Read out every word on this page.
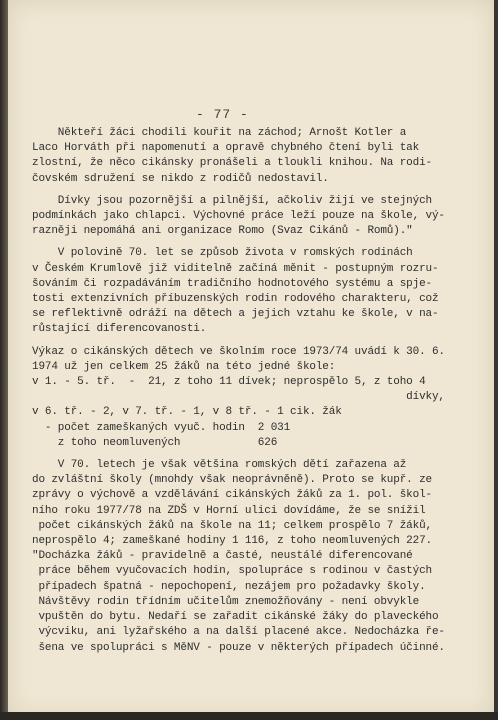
- 77 -
Někteří žáci chodili kouřit na záchod; Arnošt Kotler a
Laco Horváth při napomenutí a opravě chybného čtení byli tak
zlostní, že něco cikánsky pronášeli a tloukli knihou. Na rodi-
čovském sdružení se nikdo z rodičů nedostavil.
Dívky jsou pozornější a pilnější, ačkoliv žijí ve stejných
podmínkách jako chlapci. Výchovné práce leží pouze na škole, vý-
razněji nepomáhá ani organizace Romo (Svaz Cikánů - Romů)."
V polovině 70. let se způsob života v romských rodinách
v Českém Krumlově již viditelně začíná měnit - postupným rozru-
šováním či rozpadáváním tradičního hodnotového systému a spje-
tosti extenzivních příbuzenských rodin rodového charakteru, což
se reflektivně odráží na dětech a jejich vztahu ke škole, v na-
růstající diferencovanosti.
Výkaz o cikánských dětech ve školním roce 1973/74 uvádí k 30. 6.
1974 už jen celkem 25 žáků na této jedné škole:
v 1. - 5. tř.  -  21, z toho 11 dívek; neprospělo 5, z toho 4
dívky,
v 6. tř. - 2, v 7. tř. - 1, v 8 tř. - 1 cik. žák
- počet zameškaných vyuč. hodin  2 031
z toho neomluvených            626
V 70. letech je však většina romských dětí zařazena až
do zvláštní školy (mnohdy však neoprávněně). Proto se kupř. ze
zprávy o výchově a vzdělávání cikánských žáků za 1. pol. škol-
ního roku 1977/78 na ZDŠ v Horní ulici dovídáme, že se snížil
počet cikánských žáků na škole na 11; celkem prospělo 7 žáků,
neprospělo 4; zameškané hodiny 1 116, z toho neomluvených 227.
"Docházka žáků - pravidelně a časté, neustálé diferencované
práce během vyučovacích hodin, spolupráce s rodinou v častých
případech špatná - nepochopení, nezájem pro požadavky školy.
Návštěvy rodin třídním učitelům znemožňovány - není obvykle
vpuštěn do bytu. Nedaří se zařadit cikánské žáky do plaveckého
výcviku, ani lyžařského a na další placené akce. Nedocházka ře-
šena ve spolupráci s MěNV - pouze v některých případech účinné.
